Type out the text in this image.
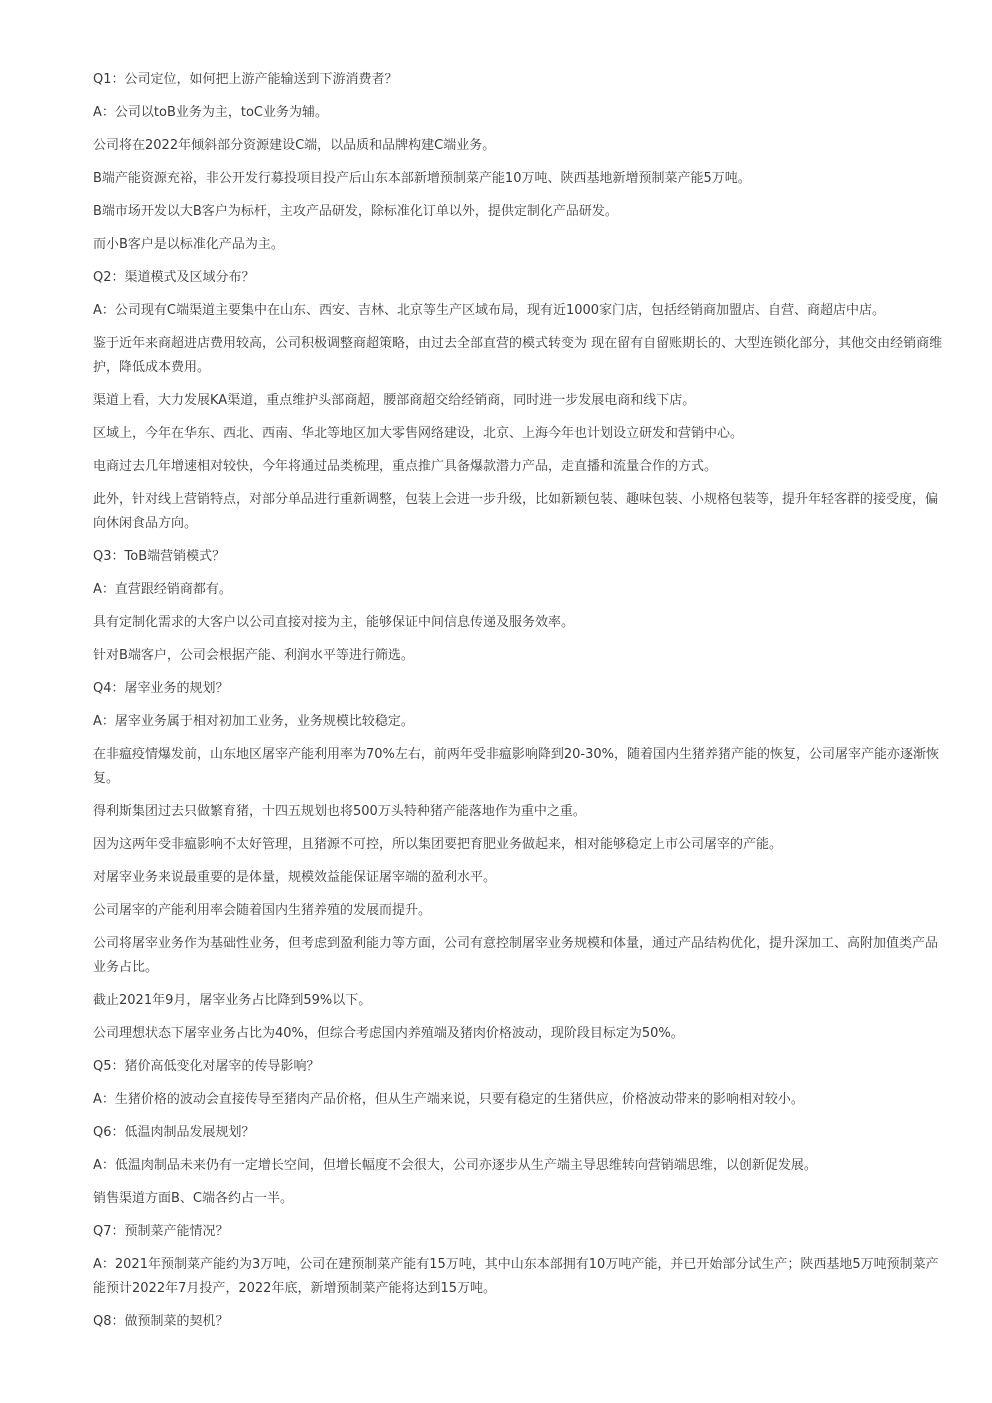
Q1：公司定位，如何把上游产能输送到下游消费者？

A：公司以toB业务为主，toC业务为辅。

公司将在2022年倾斜部分资源建设C端，以品质和品牌构建C端业务。

B端产能资源充裕，非公开发行募投项目投产后山东本部新增预制菜产能10万吨、陕西基地新增预制菜产能5万吨。

B端市场开发以大B客户为标杆，主攻产品研发，除标准化订单以外，提供定制化产品研发。

而小B客户是以标准化产品为主。

Q2：渠道模式及区域分布？

A：公司现有C端渠道主要集中在山东、西安、吉林、北京等生产区域布局，现有近1000家门店，包括经销商加盟店、自营、商超店中店。

鉴于近年来商超进店费用较高，公司积极调整商超策略，由过去全部直营的模式转变为 现在留有自留账期长的、大型连锁化部分，其他交由经销商维护，降低成本费用。

渠道上看，大力发展KA渠道，重点维护头部商超，腰部商超交给经销商，同时进一步发展电商和线下店。

区域上，今年在华东、西北、西南、华北等地区加大零售网络建设，北京、上海今年也计划设立研发和营销中心。

电商过去几年增速相对较快，今年将通过品类梳理，重点推广具备爆款潜力产品，走直播和流量合作的方式。

此外，针对线上营销特点，对部分单品进行重新调整，包装上会进一步升级，比如新颖包装、趣味包装、小规格包装等，提升年轻客群的接受度，偏向休闲食品方向。

Q3：ToB端营销模式？

A：直营跟经销商都有。

具有定制化需求的大客户以公司直接对接为主，能够保证中间信息传递及服务效率。

针对B端客户，公司会根据产能、利润水平等进行筛选。

Q4：屠宰业务的规划？

A：屠宰业务属于相对初加工业务，业务规模比较稳定。

在非瘟疫情爆发前，山东地区屠宰产能利用率为70%左右，前两年受非瘟影响降到20-30%，随着国内生猪养猪产能的恢复，公司屠宰产能亦逐渐恢复。

得利斯集团过去只做繁育猪，十四五规划也将500万头特种猪产能落地作为重中之重。

因为这两年受非瘟影响不太好管理，且猪源不可控，所以集团要把育肥业务做起来，相对能够稳定上市公司屠宰的产能。

对屠宰业务来说最重要的是体量，规模效益能保证屠宰端的盈利水平。

公司屠宰的产能利用率会随着国内生猪养殖的发展而提升。

公司将屠宰业务作为基础性业务，但考虑到盈利能力等方面，公司有意控制屠宰业务规模和体量，通过产品结构优化，提升深加工、高附加值类产品业务占比。

截止2021年9月，屠宰业务占比降到59%以下。

公司理想状态下屠宰业务占比为40%，但综合考虑国内养殖端及猪肉价格波动，现阶段目标定为50%。

Q5：猪价高低变化对屠宰的传导影响？

A：生猪价格的波动会直接传导至猪肉产品价格，但从生产端来说，只要有稳定的生猪供应，价格波动带来的影响相对较小。

Q6：低温肉制品发展规划？

A：低温肉制品未来仍有一定增长空间，但增长幅度不会很大，公司亦逐步从生产端主导思维转向营销端思维，以创新促发展。

销售渠道方面B、C端各约占一半。

Q7：预制菜产能情况？

A：2021年预制菜产能约为3万吨，公司在建预制菜产能有15万吨，其中山东本部拥有10万吨产能，并已开始部分试生产；陕西基地5万吨预制菜产能预计2022年7月投产，2022年底，新增预制菜产能将达到15万吨。

Q8：做预制菜的契机？
